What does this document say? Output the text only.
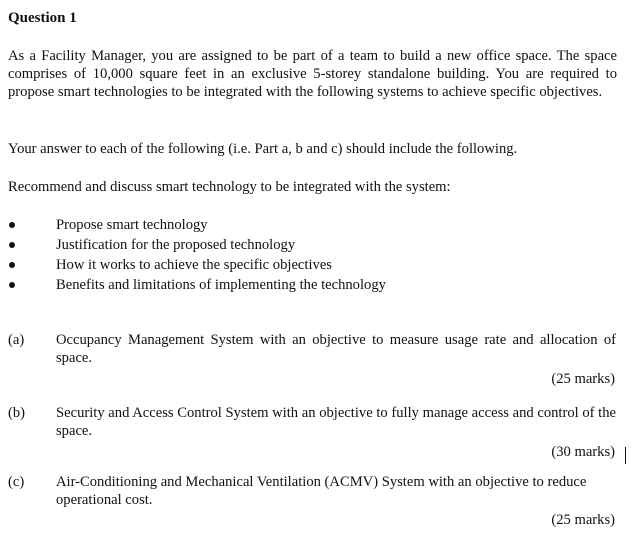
Question 1
As a Facility Manager, you are assigned to be part of a team to build a new office space. The space comprises of 10,000 square feet in an exclusive 5-storey standalone building. You are required to propose smart technologies to be integrated with the following systems to achieve specific objectives.
Your answer to each of the following (i.e. Part a, b and c) should include the following.
Recommend and discuss smart technology to be integrated with the system:
Propose smart technology
Justification for the proposed technology
How it works to achieve the specific objectives
Benefits and limitations of implementing the technology
(a) Occupancy Management System with an objective to measure usage rate and allocation of space.
(25 marks)
(b) Security and Access Control System with an objective to fully manage access and control of the space.
(30 marks)
(c) Air-Conditioning and Mechanical Ventilation (ACMV) System with an objective to reduce operational cost.
(25 marks)
